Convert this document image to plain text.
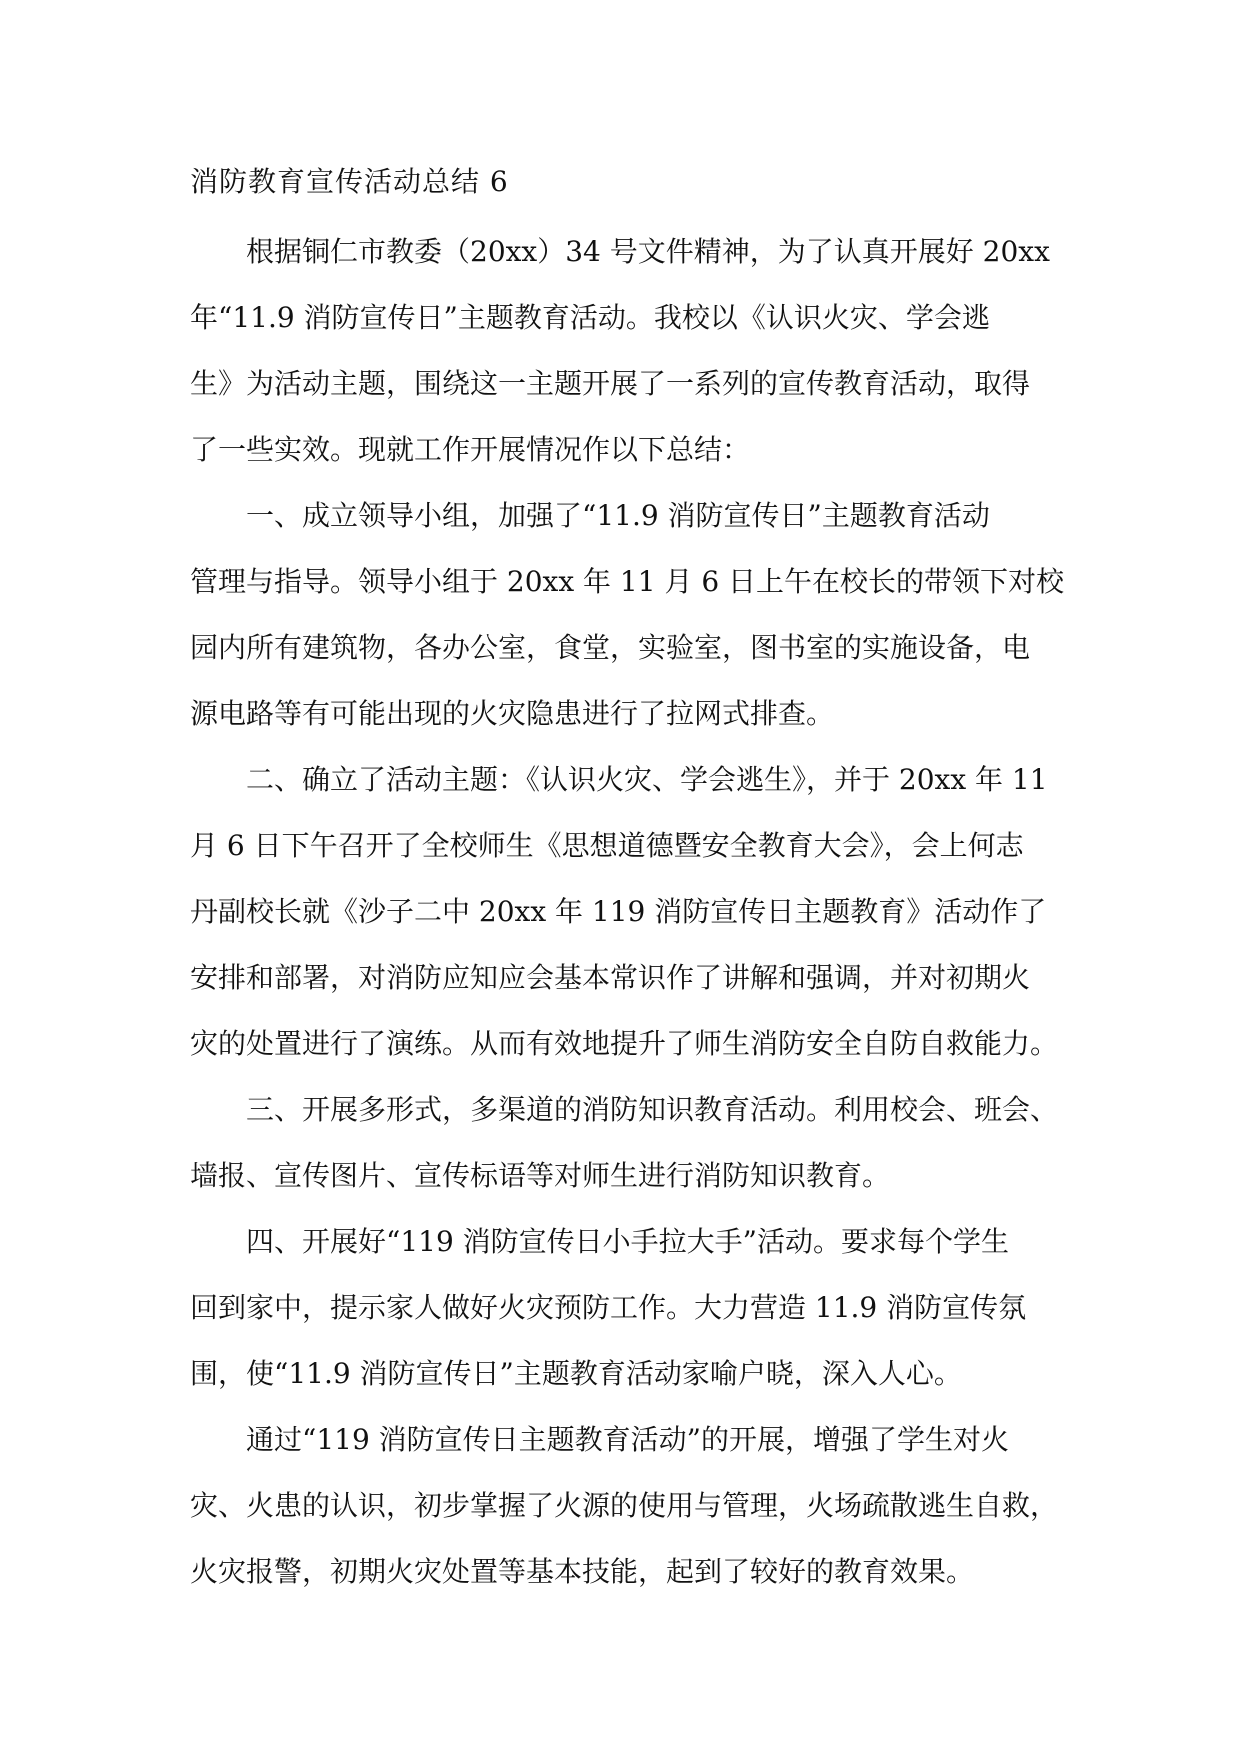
消防教育宣传活动总结 6

根据铜仁市教委（20xx）34 号文件精神，为了认真开展好 20xx

年“11.9 消防宣传日”主题教育活动。我校以《认识火灾、学会逃

生》为活动主题，围绕这一主题开展了一系列的宣传教育活动，取得

了一些实效。现就工作开展情况作以下总结：

一、成立领导小组，加强了“11.9 消防宣传日”主题教育活动

管理与指导。领导小组于 20xx 年 11 月 6 日上午在校长的带领下对校

园内所有建筑物，各办公室，食堂，实验室，图书室的实施设备，电

源电路等有可能出现的火灾隐患进行了拉网式排查。

二、确立了活动主题：《认识火灾、学会逃生》，并于 20xx 年 11

月 6 日下午召开了全校师生《思想道德暨安全教育大会》，会上何志

丹副校长就《沙子二中 20xx 年 119 消防宣传日主题教育》活动作了

安排和部署，对消防应知应会基本常识作了讲解和强调，并对初期火

灾的处置进行了演练。从而有效地提升了师生消防安全自防自救能力。

三、开展多形式，多渠道的消防知识教育活动。利用校会、班会、

墙报、宣传图片、宣传标语等对师生进行消防知识教育。

四、开展好“119 消防宣传日小手拉大手”活动。要求每个学生

回到家中，提示家人做好火灾预防工作。大力营造 11.9 消防宣传氛

围，使“11.9 消防宣传日”主题教育活动家喻户晓，深入人心。

通过“119 消防宣传日主题教育活动”的开展，增强了学生对火

灾、火患的认识，初步掌握了火源的使用与管理，火场疏散逃生自救，

火灾报警，初期火灾处置等基本技能，起到了较好的教育效果。
